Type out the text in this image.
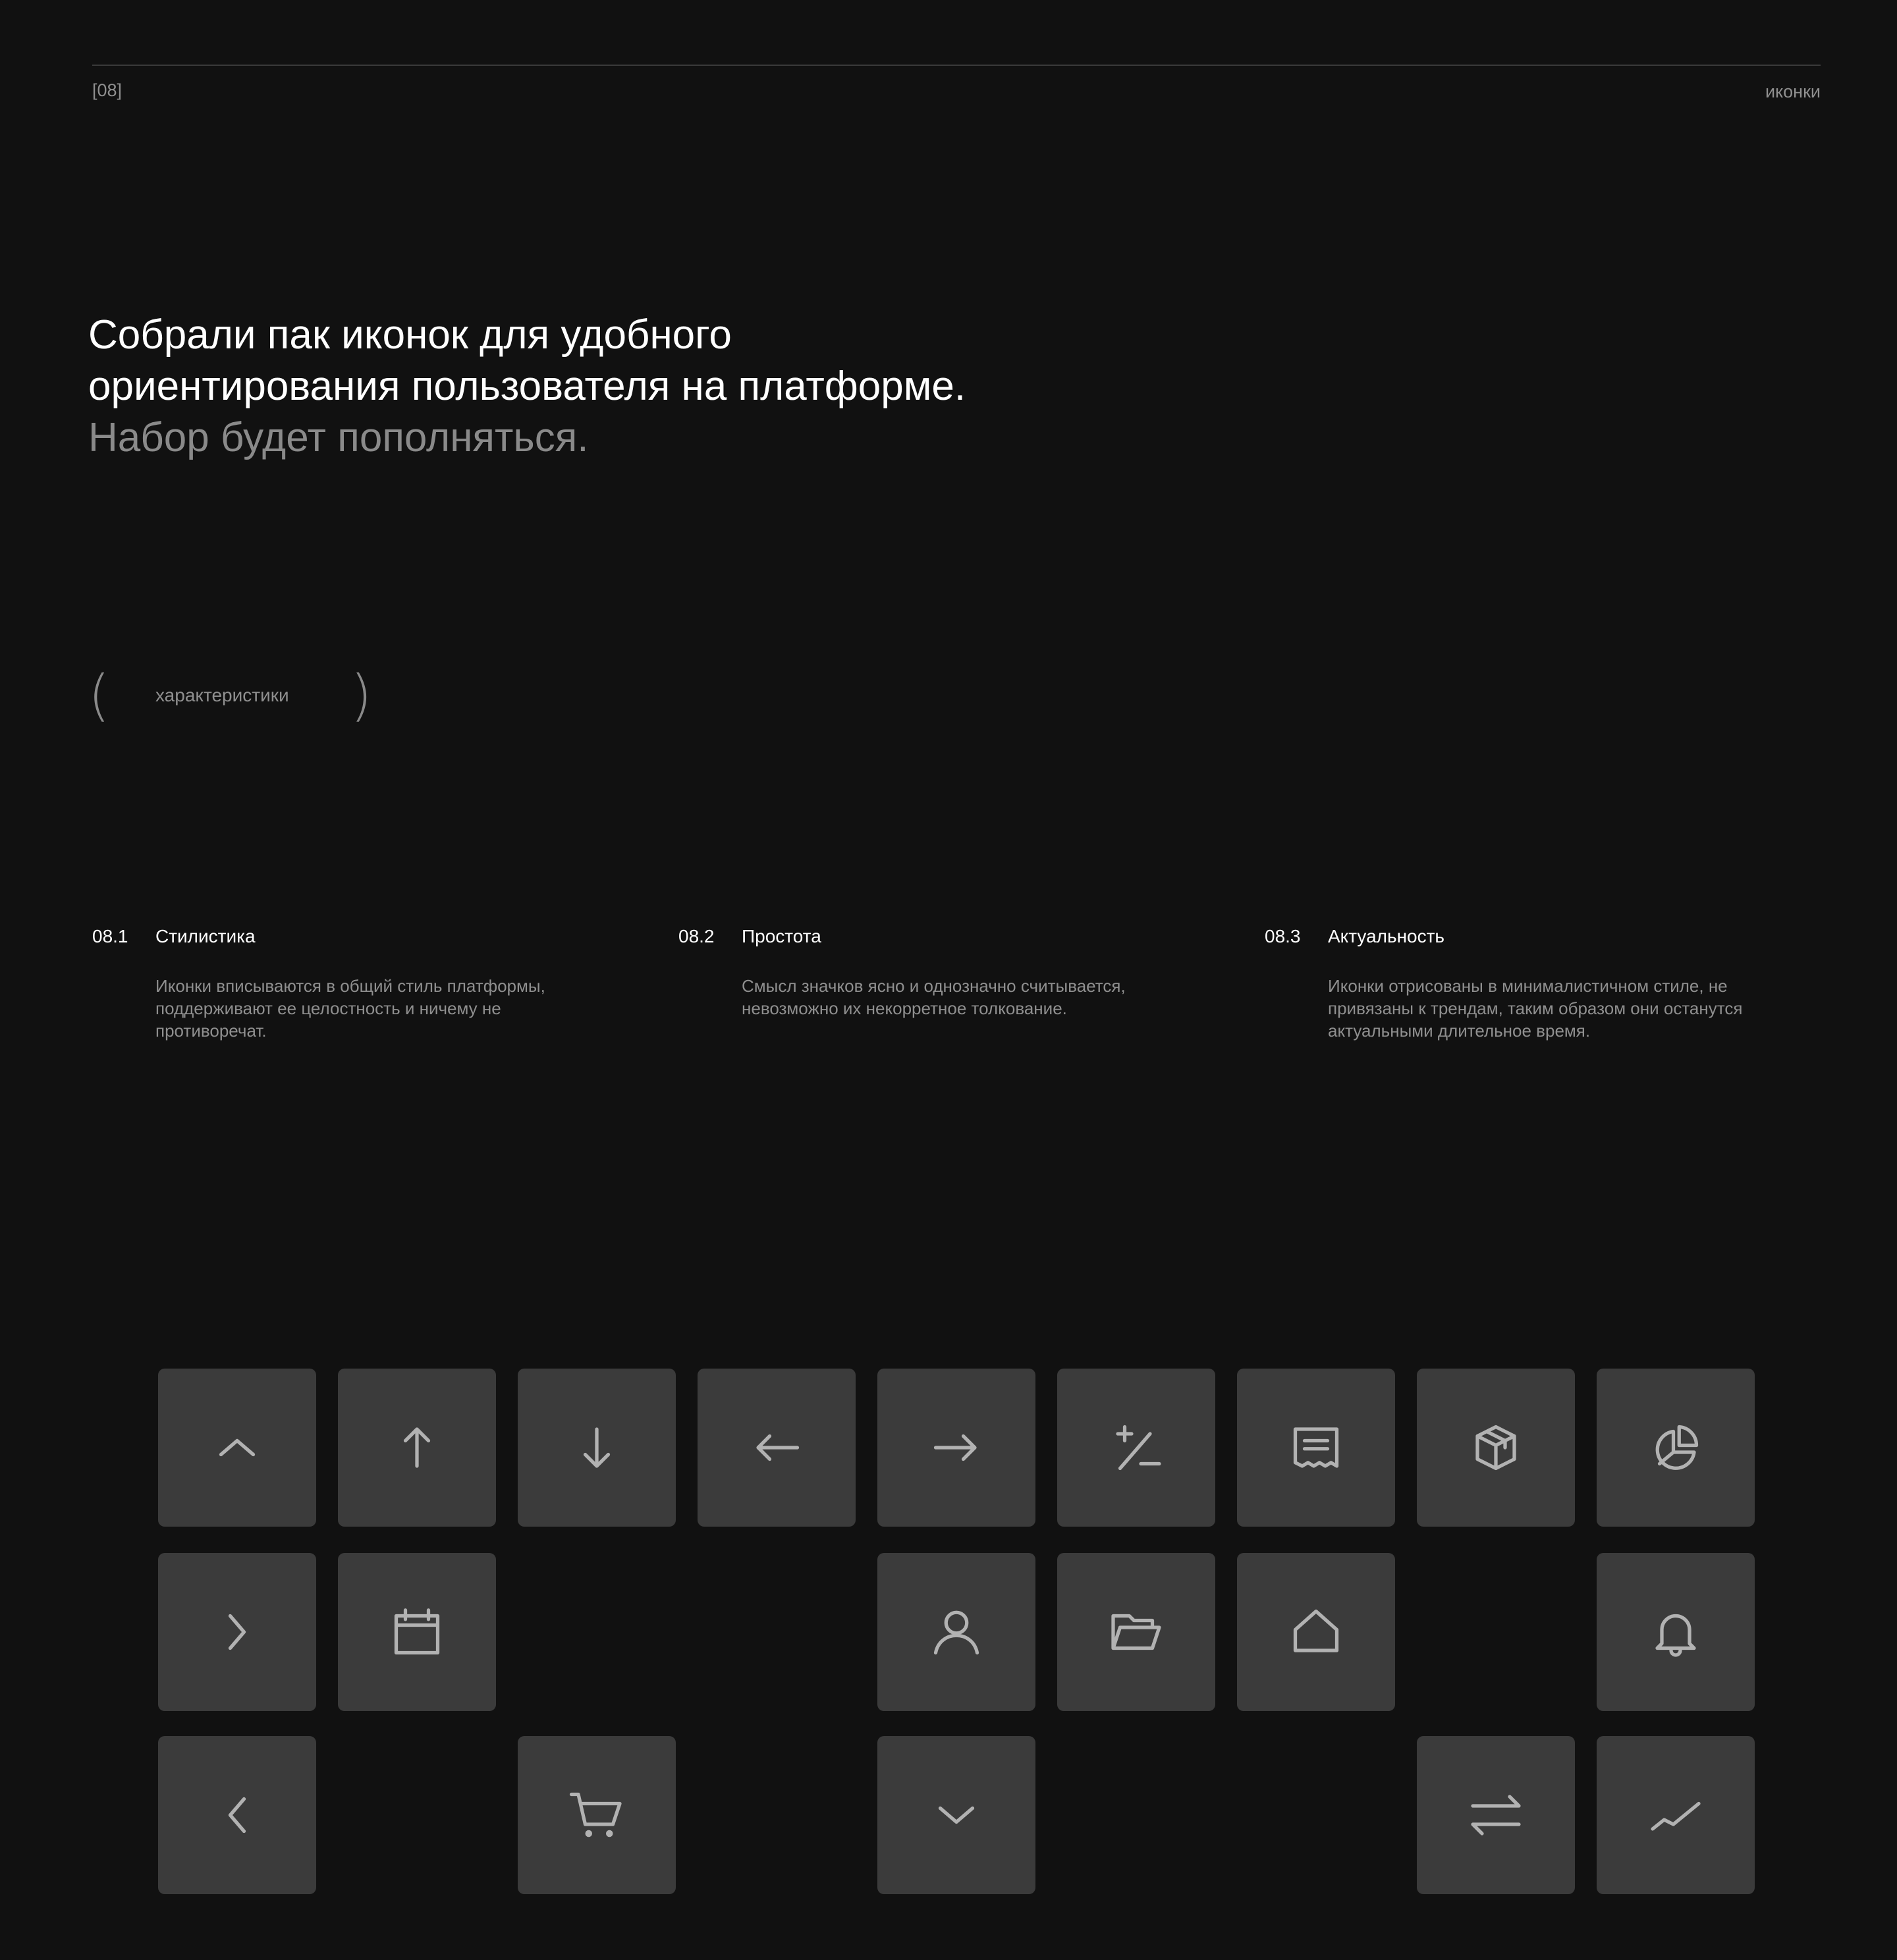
[08]	иконки
Собрали пак иконок для удобного
ориентирования пользователя на платформе.
Набор будет пополняться.
( характеристики )
08.1 Стилистика
Иконки вписываются в общий стиль платформы, поддерживают ее целостность и ничему не противоречат.
08.2 Простота
Смысл значков ясно и однозначно считывается, невозможно их некорретное толкование.
08.3 Актуальность
Иконки отрисованы в минималистичном стиле, не привязаны к трендам, таким образом они останутся актуальными длительное время.
